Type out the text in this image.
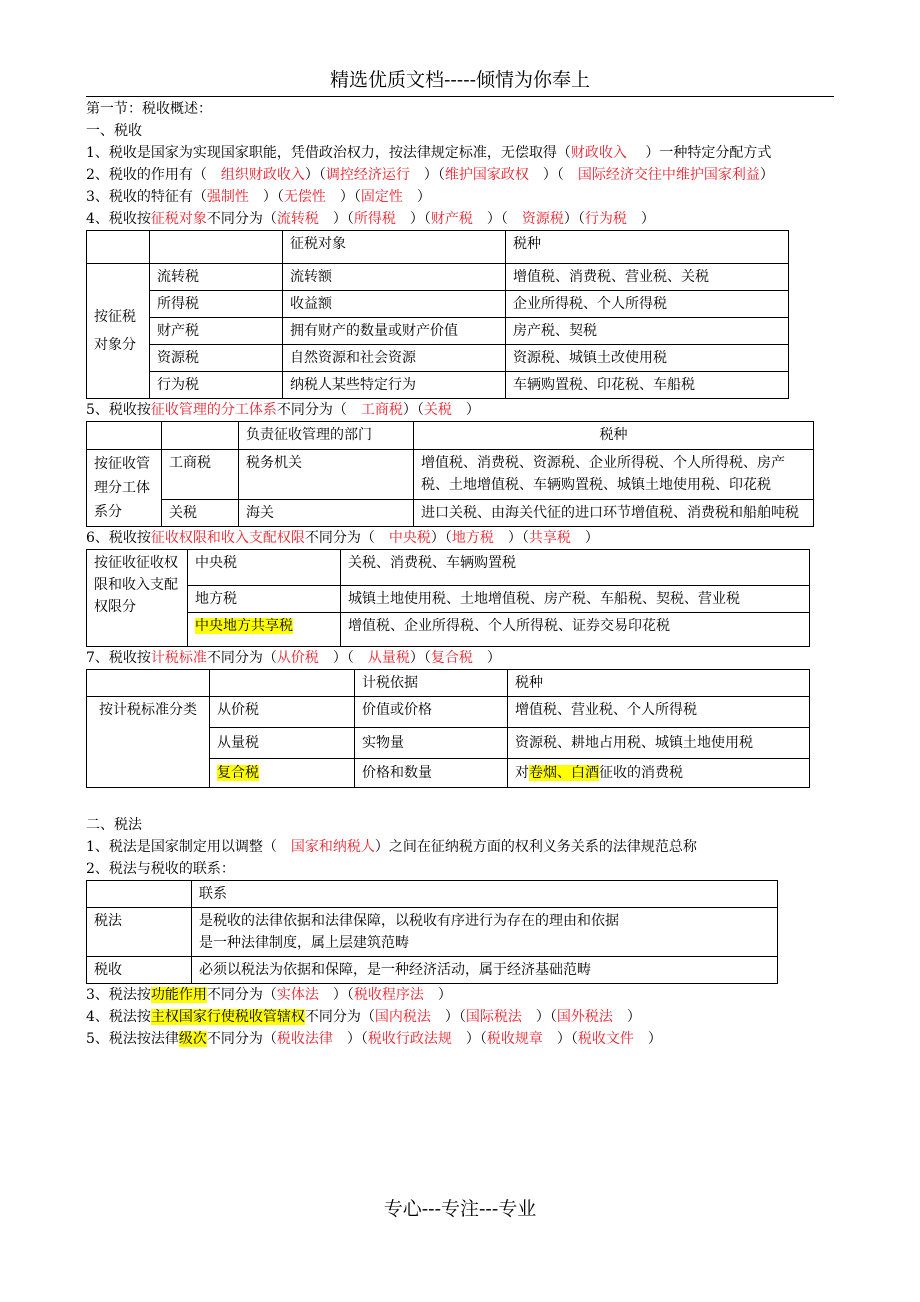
精选优质文档-----倾情为你奉上

第一节：税收概述：

一、税收

1、税收是国家为实现国家职能，凭借政治权力，按法律规定标准，无偿取得（财政收入　 ）一种特定分配方式

2、税收的作用有（　组织财政收入）（调控经济运行　）（维护国家政权　）（　国际经济交往中维护国家利益）

3、税收的特征有（强制性　）（无偿性　）（固定性　）

4、税收按征税对象不同分为（流转税　）（所得税　）（财产税　）（　资源税）（行为税　）

		征税对象	税种
按征税对象分	流转税	流转额	增值税、消费税、营业税、关税
	所得税	收益额	企业所得税、个人所得税
	财产税	拥有财产的数量或财产价值	房产税、契税
	资源税	自然资源和社会资源	资源税、城镇土改使用税
	行为税	纳税人某些特定行为	车辆购置税、印花税、车船税

5、税收按征收管理的分工体系不同分为（　工商税）（关税　）

		负责征收管理的部门	税种
按征收管理分工体系分	工商税	税务机关	增值税、消费税、资源税、企业所得税、个人所得税、房产税、土地增值税、车辆购置税、城镇土地使用税、印花税
	关税	海关	进口关税、由海关代征的进口环节增值税、消费税和船舶吨税

6、税收按征收权限和收入支配权限不同分为（　中央税）（地方税　）（共享税　）

按征收征收权限和收入支配权限分	中央税	关税、消费税、车辆购置税
	地方税	城镇土地使用税、土地增值税、房产税、车船税、契税、营业税
	中央地方共享税	增值税、企业所得税、个人所得税、证券交易印花税

7、税收按计税标准不同分为（从价税　）（　从量税）（复合税　）

		计税依据	税种
按计税标准分类	从价税	价值或价格	增值税、营业税、个人所得税
	从量税	实物量	资源税、耕地占用税、城镇土地使用税
	复合税	价格和数量	对卷烟、白酒征收的消费税

二、税法

1、税法是国家制定用以调整（　国家和纳税人）之间在征纳税方面的权利义务关系的法律规范总称

2、税法与税收的联系：

	联系
税法	是税收的法律依据和法律保障，以税收有序进行为存在的理由和依据
是一种法律制度，属上层建筑范畴

税收	必须以税法为依据和保障，是一种经济活动，属于经济基础范畴

3、税法按功能作用不同分为（实体法　）（税收程序法　）

4、税法按主权国家行使税收管辖权不同分为（国内税法　）（国际税法　）（国外税法　）

5、税法按法律级次不同分为（税收法律　）（税收行政法规　）（税收规章　）（税收文件　）

专心---专注---专业
